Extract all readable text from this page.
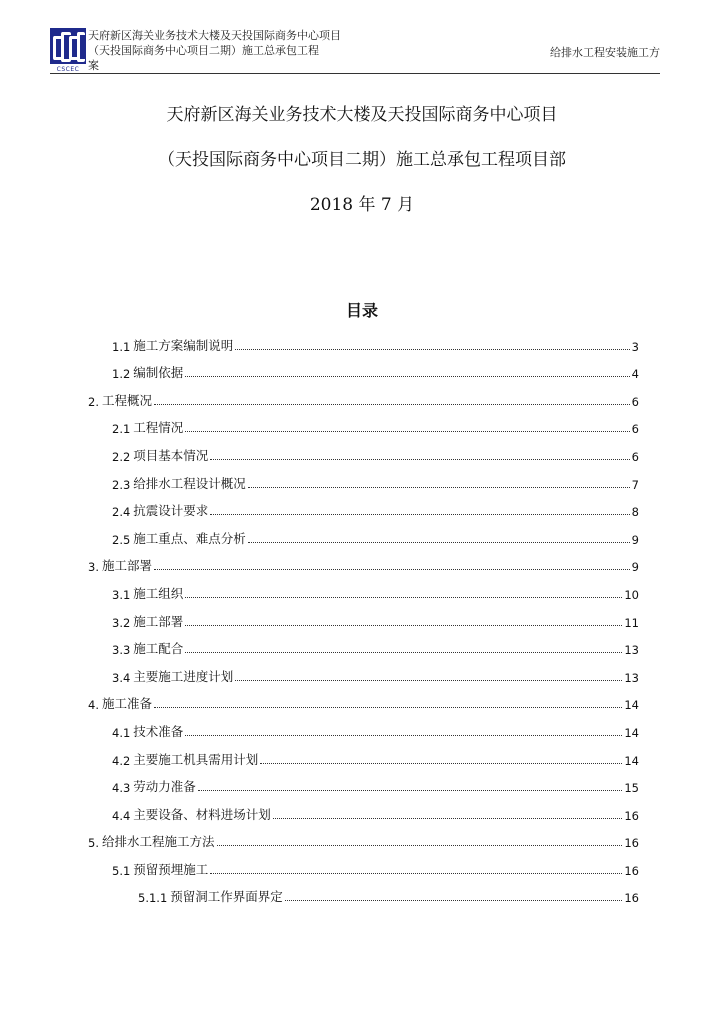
CSCEC
天府新区海关业务技术大楼及天投国际商务中心项目
（天投国际商务中心项目二期）施工总承包工程
案
给排水工程安装施工方
天府新区海关业务技术大楼及天投国际商务中心项目
（天投国际商务中心项目二期）施工总承包工程项目部
2018 年 7 月
目录
1.1 施工方案编制说明	3
1.2 编制依据	4
2. 工程概况	6
2.1 工程情况	6
2.2 项目基本情况	6
2.3 给排水工程设计概况	7
2.4 抗震设计要求	8
2.5 施工重点、难点分析	9
3. 施工部署	9
3.1 施工组织	10
3.2 施工部署	11
3.3 施工配合	13
3.4 主要施工进度计划	13
4. 施工准备	14
4.1 技术准备	14
4.2 主要施工机具需用计划	14
4.3 劳动力准备	15
4.4 主要设备、材料进场计划	16
5. 给排水工程施工方法	16
5.1 预留预埋施工	16
5.1.1 预留洞工作界面界定	16
